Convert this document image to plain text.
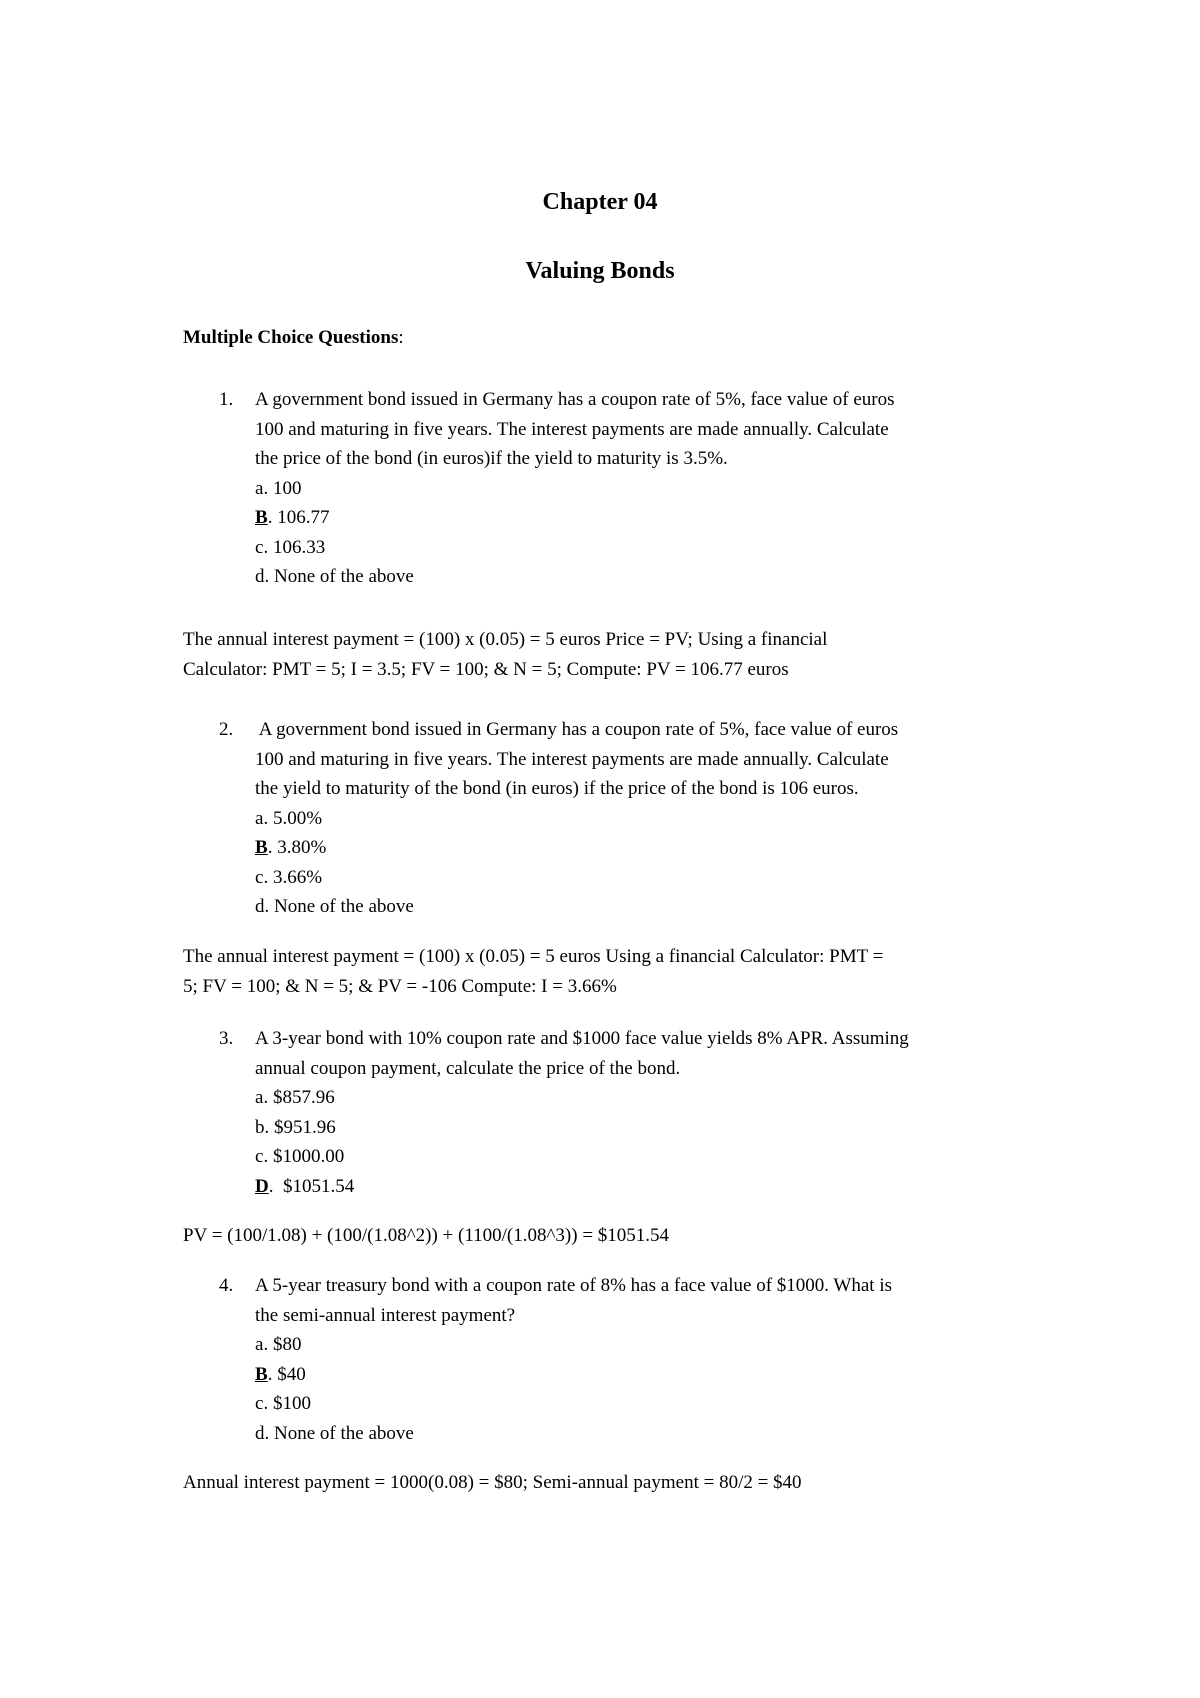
Chapter 04
Valuing Bonds
Multiple Choice Questions:
1. A government bond issued in Germany has a coupon rate of 5%, face value of euros
100 and maturing in five years. The interest payments are made annually. Calculate
the price of the bond (in euros)if the yield to maturity is 3.5%.
a. 100
B. 106.77
c. 106.33
d. None of the above
The annual interest payment = (100) x (0.05) = 5 euros Price = PV; Using a financial
Calculator: PMT = 5; I = 3.5; FV = 100; & N = 5; Compute: PV = 106.77 euros
2. A government bond issued in Germany has a coupon rate of 5%, face value of euros
100 and maturing in five years. The interest payments are made annually. Calculate
the yield to maturity of the bond (in euros) if the price of the bond is 106 euros.
a. 5.00%
B. 3.80%
c. 3.66%
d. None of the above
The annual interest payment = (100) x (0.05) = 5 euros Using a financial Calculator: PMT =
5; FV = 100; & N = 5; & PV = -106 Compute: I = 3.66%
3. A 3-year bond with 10% coupon rate and $1000 face value yields 8% APR. Assuming
annual coupon payment, calculate the price of the bond.
a. $857.96
b. $951.96
c. $1000.00
D.  $1051.54
PV = (100/1.08) + (100/(1.08^2)) + (1100/(1.08^3)) = $1051.54
4. A 5-year treasury bond with a coupon rate of 8% has a face value of $1000. What is
the semi-annual interest payment?
a. $80
B. $40
c. $100
d. None of the above
Annual interest payment = 1000(0.08) = $80; Semi-annual payment = 80/2 = $40
